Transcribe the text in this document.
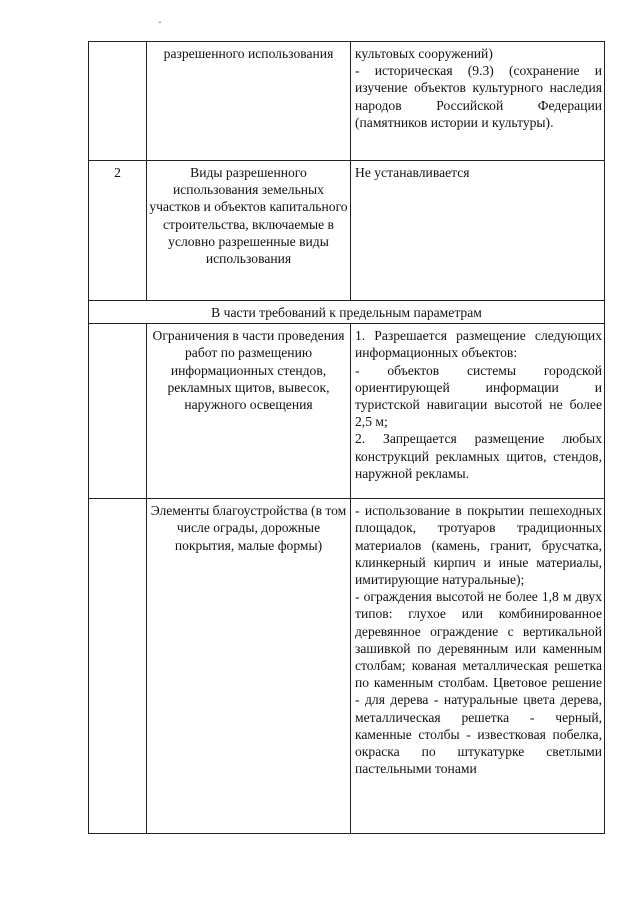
·

	разрешенного использования	культовых сооружений)

- историческая (9.3) (сохранение и изучение объектов культурного наследия народов Российской Федерации (памятников истории и культуры).

2	Виды разрешенного использования земельных участков и объектов капитального строительства, включаемые в условно разрешенные виды использования	Не устанавливается

В части требований к предельным параметрам		

	Ограничения в части проведения работ по размещению информационных стендов, рекламных щитов, вывесок, наружного освещения	1. Разрешается размещение следующих информационных объектов:

- объектов системы городской ориентирующей информации и туристской навигации высотой не более 2,5 м;

2. Запрещается размещение любых конструкций рекламных щитов, стендов, наружной рекламы.

	Элементы благоустройства (в том числе ограды, дорожные покрытия, малые формы)	- использование в покрытии пешеходных площадок, тротуаров традиционных материалов (камень, гранит, брусчатка, клинкерный кирпич и иные материалы, имитирующие натуральные);

- ограждения высотой не более 1,8 м двух типов: глухое или комбинированное деревянное ограждение с вертикальной зашивкой по деревянным или каменным столбам; кованая металлическая решетка по каменным столбам. Цветовое решение - для дерева - натуральные цвета дерева, металлическая решетка - черный, каменные столбы - известковая побелка, окраска по штукатурке светлыми пастельными тонами
